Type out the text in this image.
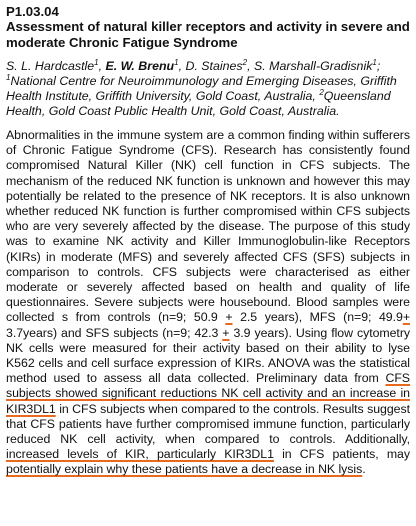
P1.03.04
Assessment of natural killer receptors and activity in severe and moderate Chronic Fatigue Syndrome
S. L. Hardcastle$^1$, E. W. Brenu$^1$, D. Staines$^2$, S. Marshall-Gradisnik$^1$; $^1$National Centre for Neuroimmunology and Emerging Diseases, Griffith Health Institute, Griffith University, Gold Coast, Australia, $^2$Queensland Health, Gold Coast Public Health Unit, Gold Coast, Australia.

Abnormalities in the immune system are a common finding within sufferers of Chronic Fatigue Syndrome (CFS). Research has consistently found compromised Natural Killer (NK) cell function in CFS subjects. The mechanism of the reduced NK function is unknown and however this may potentially be related to the presence of NK receptors. It is also unknown whether reduced NK function is further compromised within CFS subjects who are very severely affected by the disease. The purpose of this study was to examine NK activity and Killer Immunoglobulin-like Receptors (KIRs) in moderate (MFS) and severely affected CFS (SFS) subjects in comparison to controls. CFS subjects were characterised as either moderate or severely affected based on health and quality of life questionnaires. Severe subjects were housebound. Blood samples were collected s from controls (n=9; 50.9 + 2.5 years), MFS (n=9; 49.9+ 3.7years) and SFS subjects (n=9; 42.3 + 3.9 years). Using flow cytometry NK cells were measured for their activity based on their ability to lyse K562 cells and cell surface expression of KIRs. ANOVA was the statistical method used to assess all data collected. Preliminary data from CFS subjects showed significant reductions NK cell activity and an increase in KIR3DL1 in CFS subjects when compared to the controls. Results suggest that CFS patients have further compromised immune function, particularly reduced NK cell activity, when compared to controls. Additionally, increased levels of KIR, particularly KIR3DL1 in CFS patients, may potentially explain why these patients have a decrease in NK lysis.
